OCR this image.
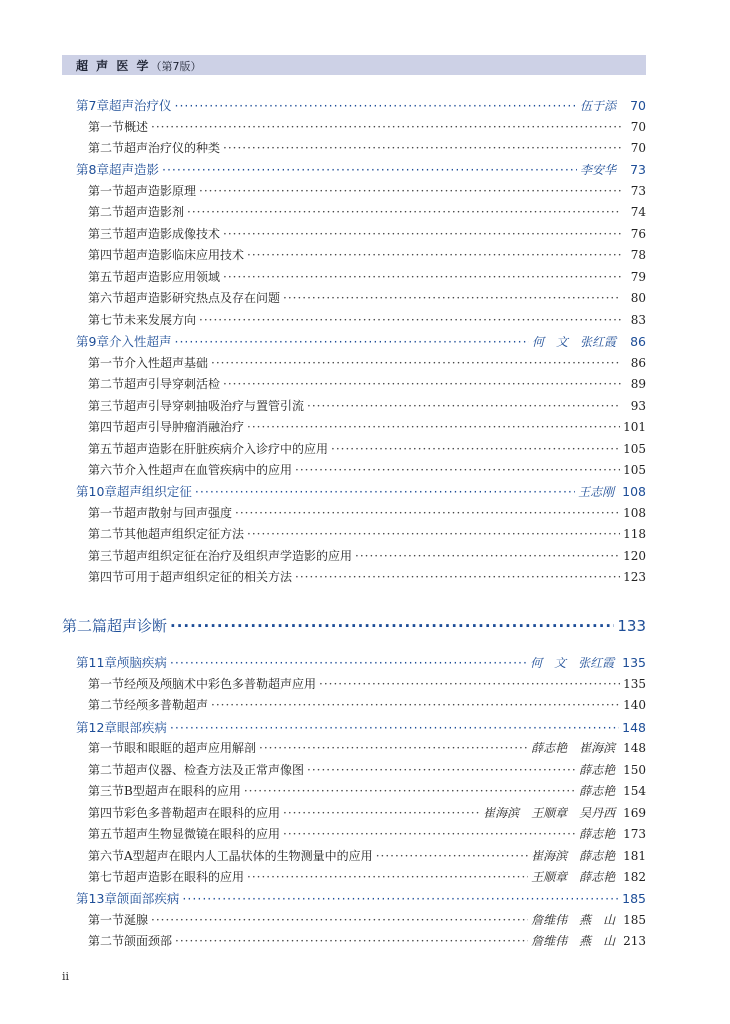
超 声 医 学（第7版）
第7章 超声治疗仪 ·····	伍于添	70
第一节 概述 ·····	70
第二节 超声治疗仪的种类 ·····	70
第8章 超声造影 ·····	李安华	73
第一节 超声造影原理 ·····	73
第二节 超声造影剂 ·····	74
第三节 超声造影成像技术 ·····	76
第四节 超声造影临床应用技术 ·····	78
第五节 超声造影应用领域 ·····	79
第六节 超声造影研究热点及存在问题 ·····	80
第七节 未来发展方向 ·····	83
第9章 介入性超声 ·····	何　文　张红霞	86
第一节 介入性超声基础 ·····	86
第二节 超声引导穿刺活检 ·····	89
第三节 超声引导穿刺抽吸治疗与置管引流 ·····	93
第四节 超声引导肿瘤消融治疗 ·····	101
第五节 超声造影在肝脏疾病介入诊疗中的应用 ·····	105
第六节 介入性超声在血管疾病中的应用 ·····	105
第10章 超声组织定征 ·····	王志刚 108
第一节 超声散射与回声强度 ·····	108
第二节 其他超声组织定征方法 ·····	118
第三节 超声组织定征在治疗及组织声学造影的应用 ·····	120
第四节 可用于超声组织定征的相关方法 ·····	123
第二篇 超声诊断 ·····	133
第11章 颅脑疾病 ·····	何　文　张红霞 135
第一节 经颅及颅脑术中彩色多普勒超声应用 ·····	135
第二节 经颅多普勒超声 ·····	140
第12章 眼部疾病 ·····	148
第一节 眼和眼眶的超声应用解剖 ·····	薛志艳　崔海滨 148
第二节 超声仪器、检查方法及正常声像图 ·····	薛志艳 150
第三节 B型超声在眼科的应用 ·····	薛志艳 154
第四节 彩色多普勒超声在眼科的应用 ·····	崔海滨　王顺章　吴丹西 169
第五节 超声生物显微镜在眼科的应用 ·····	薛志艳 173
第六节 A型超声在眼内人工晶状体的生物测量中的应用 ·····	崔海滨　薛志艳 181
第七节 超声造影在眼科的应用 ·····	王顺章　薛志艳 182
第13章 颌面部疾病 ·····	185
第一节 涎腺 ·····	詹维伟　燕　山 185
第二节 颌面颈部 ·····	詹维伟　燕　山 213
ii
